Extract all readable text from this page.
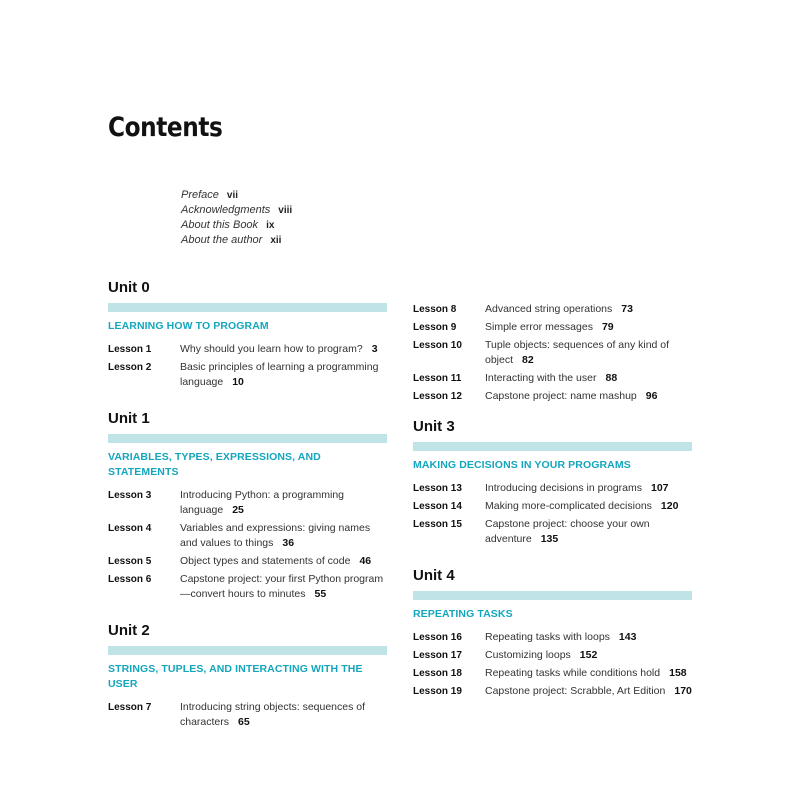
Contents
Preface vii
Acknowledgments viii
About this Book ix
About the author xii
Unit 0
LEARNING HOW TO PROGRAM
Lesson 1	Why should you learn how to program? 3
Lesson 2	Basic principles of learning a programming language 10
Unit 1
VARIABLES, TYPES, EXPRESSIONS, AND STATEMENTS
Lesson 3	Introducing Python: a programming language 25
Lesson 4	Variables and expressions: giving names and values to things 36
Lesson 5	Object types and statements of code 46
Lesson 6	Capstone project: your first Python program—convert hours to minutes 55
Unit 2
STRINGS, TUPLES, AND INTERACTING WITH THE USER
Lesson 7	Introducing string objects: sequences of characters 65
Lesson 8	Advanced string operations 73
Lesson 9	Simple error messages 79
Lesson 10	Tuple objects: sequences of any kind of object 82
Lesson 11	Interacting with the user 88
Lesson 12	Capstone project: name mashup 96
Unit 3
MAKING DECISIONS IN YOUR PROGRAMS
Lesson 13	Introducing decisions in programs 107
Lesson 14	Making more-complicated decisions 120
Lesson 15	Capstone project: choose your own adventure 135
Unit 4
REPEATING TASKS
Lesson 16	Repeating tasks with loops 143
Lesson 17	Customizing loops 152
Lesson 18	Repeating tasks while conditions hold 158
Lesson 19	Capstone project: Scrabble, Art Edition 170
